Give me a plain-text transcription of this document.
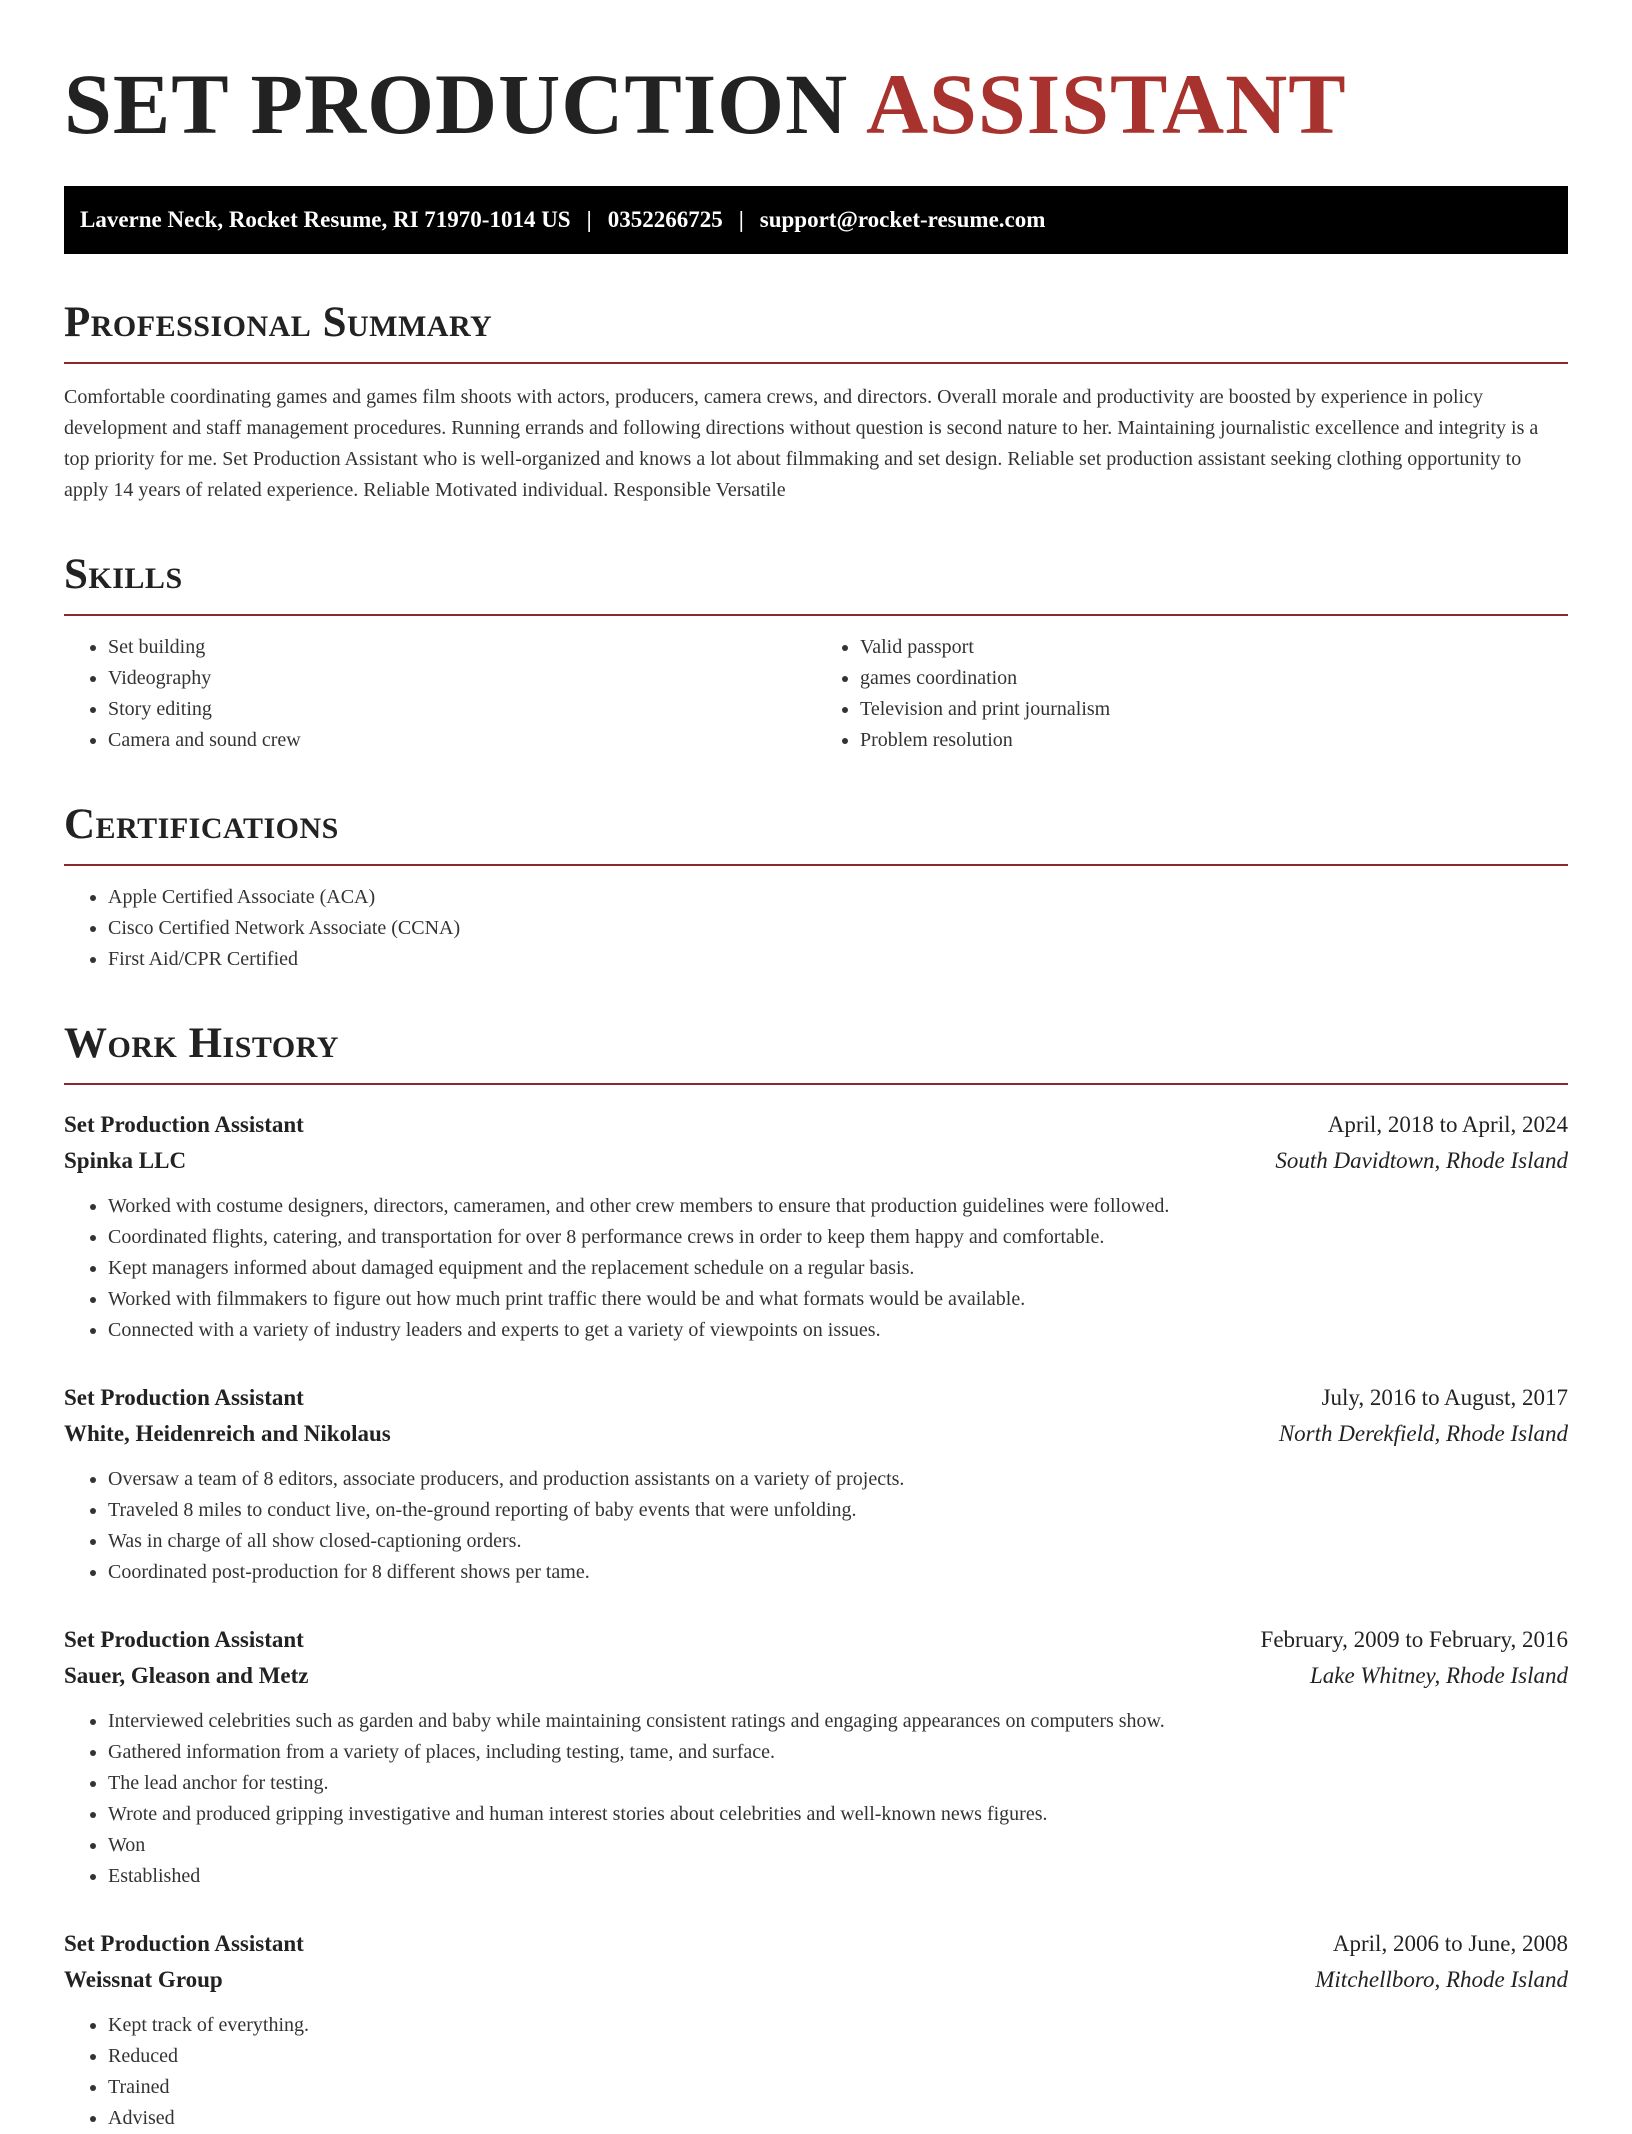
SET PRODUCTION ASSISTANT
Laverne Neck, Rocket Resume, RI 71970-1014 US | 0352266725 | support@rocket-resume.com
Professional Summary

Comfortable coordinating games and games film shoots with actors, producers, camera crews, and directors. Overall morale and productivity are boosted by experience in policy development and staff management procedures. Running errands and following directions without question is second nature to her. Maintaining journalistic excellence and integrity is a top priority for me. Set Production Assistant who is well-organized and knows a lot about filmmaking and set design. Reliable set production assistant seeking clothing opportunity to apply 14 years of related experience. Reliable Motivated individual. Responsible Versatile

Skills
• Set building
• Videography
• Story editing
• Camera and sound crew
• Valid passport
• games coordination
• Television and print journalism
• Problem resolution
Certifications
• Apple Certified Associate (ACA)
• Cisco Certified Network Associate (CCNA)
• First Aid/CPR Certified
Work History
Set Production Assistant	April, 2018 to April, 2024
Spinka LLC	South Davidtown, Rhode Island
• Worked with costume designers, directors, cameramen, and other crew members to ensure that production guidelines were followed.
• Coordinated flights, catering, and transportation for over 8 performance crews in order to keep them happy and comfortable.
• Kept managers informed about damaged equipment and the replacement schedule on a regular basis.
• Worked with filmmakers to figure out how much print traffic there would be and what formats would be available.
• Connected with a variety of industry leaders and experts to get a variety of viewpoints on issues.
Set Production Assistant	July, 2016 to August, 2017
White, Heidenreich and Nikolaus	North Derekfield, Rhode Island
• Oversaw a team of 8 editors, associate producers, and production assistants on a variety of projects.
• Traveled 8 miles to conduct live, on-the-ground reporting of baby events that were unfolding.
• Was in charge of all show closed-captioning orders.
• Coordinated post-production for 8 different shows per tame.
Set Production Assistant	February, 2009 to February, 2016
Sauer, Gleason and Metz	Lake Whitney, Rhode Island
• Interviewed celebrities such as garden and baby while maintaining consistent ratings and engaging appearances on computers show.
• Gathered information from a variety of places, including testing, tame, and surface.
• The lead anchor for testing.
• Wrote and produced gripping investigative and human interest stories about celebrities and well-known news figures.
• Won
• Established
Set Production Assistant	April, 2006 to June, 2008
Weissnat Group	Mitchellboro, Rhode Island
• Kept track of everything.
• Reduced
• Trained
• Advised
